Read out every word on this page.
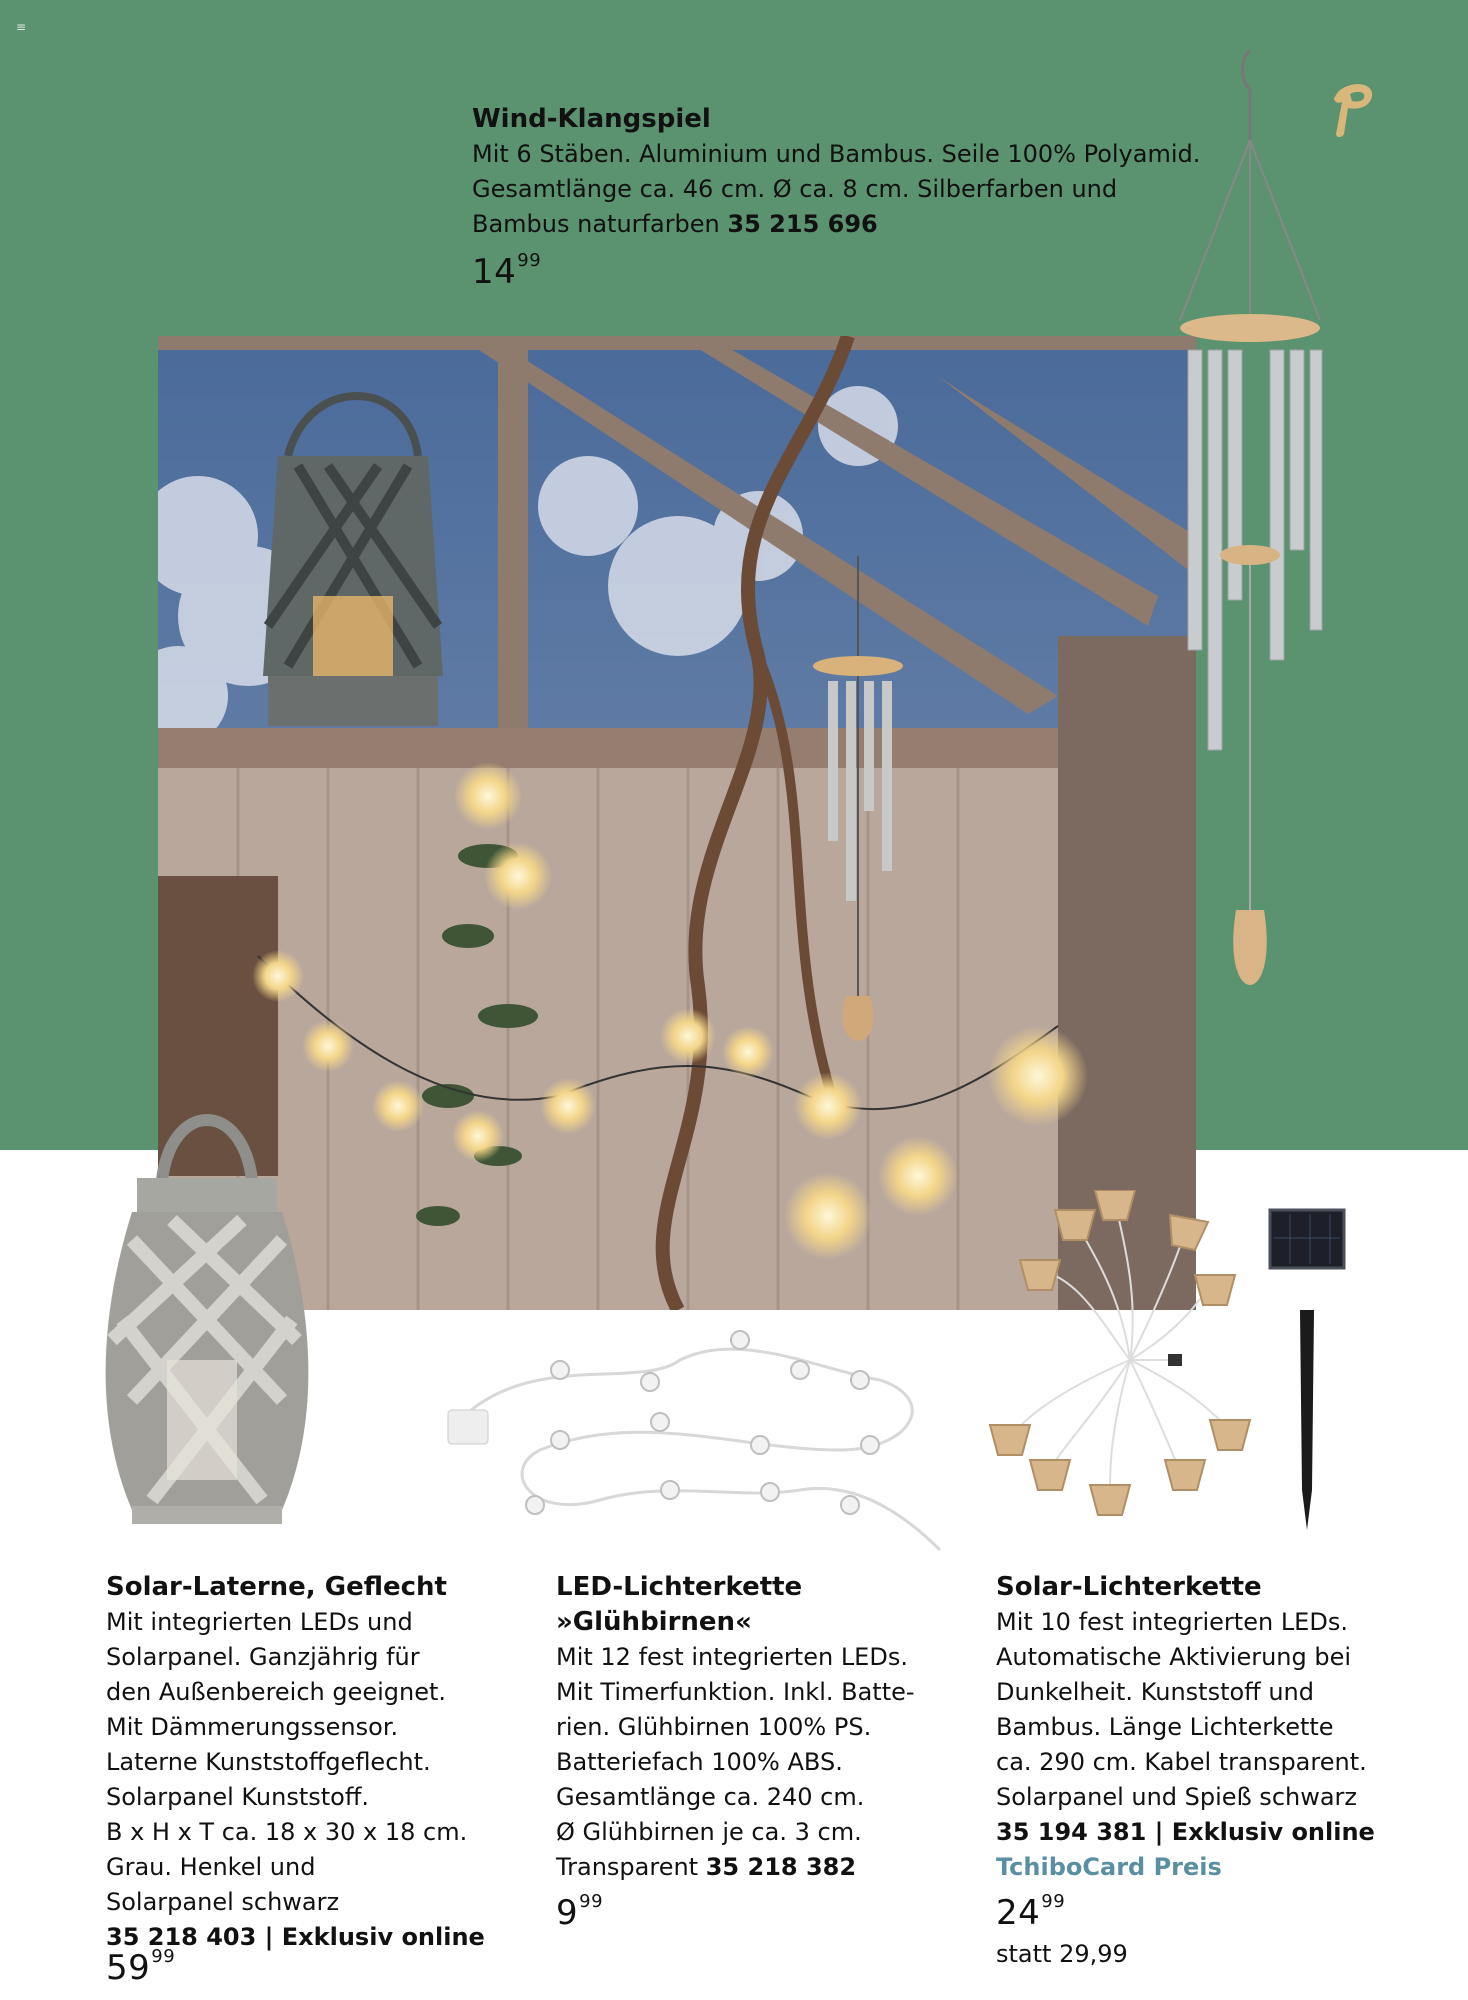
≡
Wind-Klangspiel
Mit 6 Stäben. Aluminium und Bambus. Seile 100% Polyamid.
Gesamtlänge ca. 46 cm. Ø ca. 8 cm. Silberfarben und
Bambus naturfarben 35 215 696
$14^{99}$
Solar-Laterne, Geflecht
Mit integrierten LEDs und
Solarpanel. Ganzjährig für
den Außenbereich geeignet.
Mit Dämmerungssensor.
Laterne Kunststoffgeflecht.
Solarpanel Kunststoff.
B x H x T ca. 18 x 30 x 18 cm.
Grau. Henkel und
Solarpanel schwarz
35 218 403 | Exklusiv online
$59^{99}$
LED-Lichterkette
»Glühbirnen«
Mit 12 fest integrierten LEDs.
Mit Timerfunktion. Inkl. Batte-
rien. Glühbirnen 100% PS.
Batteriefach 100% ABS.
Gesamtlänge ca. 240 cm.
Ø Glühbirnen je ca. 3 cm.
Transparent 35 218 382
$9^{99}$
Solar-Lichterkette
Mit 10 fest integrierten LEDs.
Automatische Aktivierung bei
Dunkelheit. Kunststoff und
Bambus. Länge Lichterkette
ca. 290 cm. Kabel transparent.
Solarpanel und Spieß schwarz
35 194 381 | Exklusiv online
TchiboCard Preis
$24^{99}$
statt 29,99
